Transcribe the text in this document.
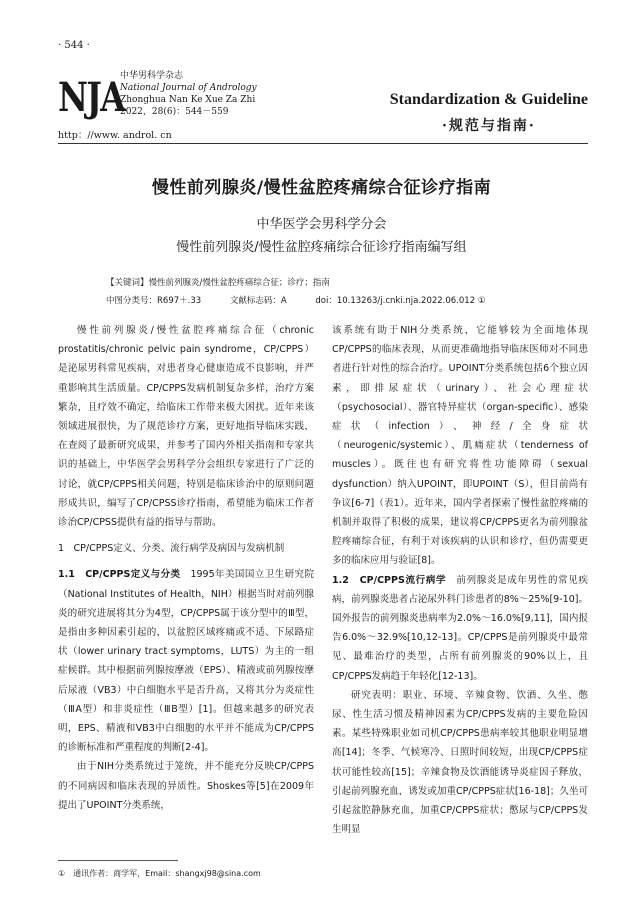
· 544 ·
NJA
中华男科学杂志
National Journal of Andrology
Zhonghua Nan Ke Xue Za Zhi
2022，28(6)：544－559
http：//www. androl. cn
Standardization & Guideline
·规范与指南·
慢性前列腺炎/慢性盆腔疼痛综合征诊疗指南
中华医学会男科学分会
慢性前列腺炎/慢性盆腔疼痛综合征诊疗指南编写组
【关键词】慢性前列腺炎/慢性盆腔疼痛综合征；诊疗；指南
中图分类号：R697＋.33	文献标志码：A	doi：10.13263/j.cnki.nja.2022.06.012 ①

慢性前列腺炎/慢性盆腔疼痛综合征（chronic prostatitis/chronic pelvic pain syndrome，CP/CPPS）是泌尿男科常见疾病，对患者身心健康造成不良影响，并严重影响其生活质量。CP/CPPS发病机制复杂多样，治疗方案繁杂，且疗效不确定，给临床工作带来极大困扰。近年来该领域进展很快，为了规范诊疗方案，更好地指导临床实践，在查阅了最新研究成果，并参考了国内外相关指南和专家共识的基础上，中华医学会男科学分会组织专家进行了广泛的讨论，就CP/CPPS相关问题，特别是临床诊治中的原则问题形成共识，编写了CP/CPSS诊疗指南，希望能为临床工作者诊治CP/CPSS提供有益的指导与帮助。

1　CP/CPPS定义、分类、流行病学及病因与发病机制

1.1　CP/CPPS定义与分类　 1995年美国国立卫生研究院（National Institutes of Health，NIH）根据当时对前列腺炎的研究进展将其分为4型，CP/CPPS属于该分型中的Ⅲ型，是指由多种因素引起的，以盆腔区域疼痛或不适、下尿路症状（lower urinary tract symptoms，LUTS）为主的一组症候群。其中根据前列腺按摩液（EPS）、精液或前列腺按摩后尿液（VB3）中白细胞水平是否升高，又将其分为炎症性（ⅢA型）和非炎症性（ⅢB型）[1]。但越来越多的研究表明，EPS、精液和VB3中白细胞的水平并不能成为CP/CPPS的诊断标准和严重程度的判断[2-4]。

由于NIH分类系统过于笼统，并不能充分反映CP/CPPS的不同病因和临床表现的异质性。Shoskes等[5]在2009年提出了UPOINT分类系统，

该系统有助于NIH分类系统，它能够较为全面地体现CP/CPPS的临床表现，从而更准确地指导临床医师对不同患者进行针对性的综合治疗。UPOINT分类系统包括6个独立因素，即排尿症状（urinary）、社会心理症状（psychosocial）、器官特异症状（organ-specific）、感染症状（infection）、神经/全身症状（neurogenic/systemic）、肌痛症状（tenderness of muscles）。既往也有研究将性功能障碍（sexual dysfunction）纳入UPOINT，即UPOINT（S），但目前尚有争议[6-7]（表1）。近年来，国内学者探索了慢性盆腔疼痛的机制并取得了积极的成果，建议将CP/CPPS更名为前列腺盆腔疼痛综合征，有利于对该疾病的认识和诊疗，但仍需要更多的临床应用与验证[8]。

1.2　CP/CPPS流行病学　 前列腺炎是成年男性的常见疾病，前列腺炎患者占泌尿外科门诊患者的8%～25%[9-10]。国外报告的前列腺炎患病率为2.0%～16.0%[9,11]，国内报告6.0%～32.9%[10,12-13]。CP/CPPS是前列腺炎中最常见、最难治疗的类型，占所有前列腺炎的90%以上，且CP/CPPS发病趋于年轻化[12-13]。

研究表明：职业、环境、辛辣食物、饮酒、久坐、憋尿、性生活习惯及精神因素为CP/CPPS发病的主要危险因素。某些特殊职业如司机CP/CPPS患病率较其他职业明显增高[14]；冬季、气候寒冷、日照时间较短，出现CP/CPPS症状可能性较高[15]；辛辣食物及饮酒能诱导炎症因子释放，引起前列腺充血，诱发或加重CP/CPPS症状[16-18]；久坐可引起盆腔静脉充血，加重CP/CPPS症状；憋尿与CP/CPPS发生明显

①　通讯作者：商学军，Email：shangxj98@sina.com
